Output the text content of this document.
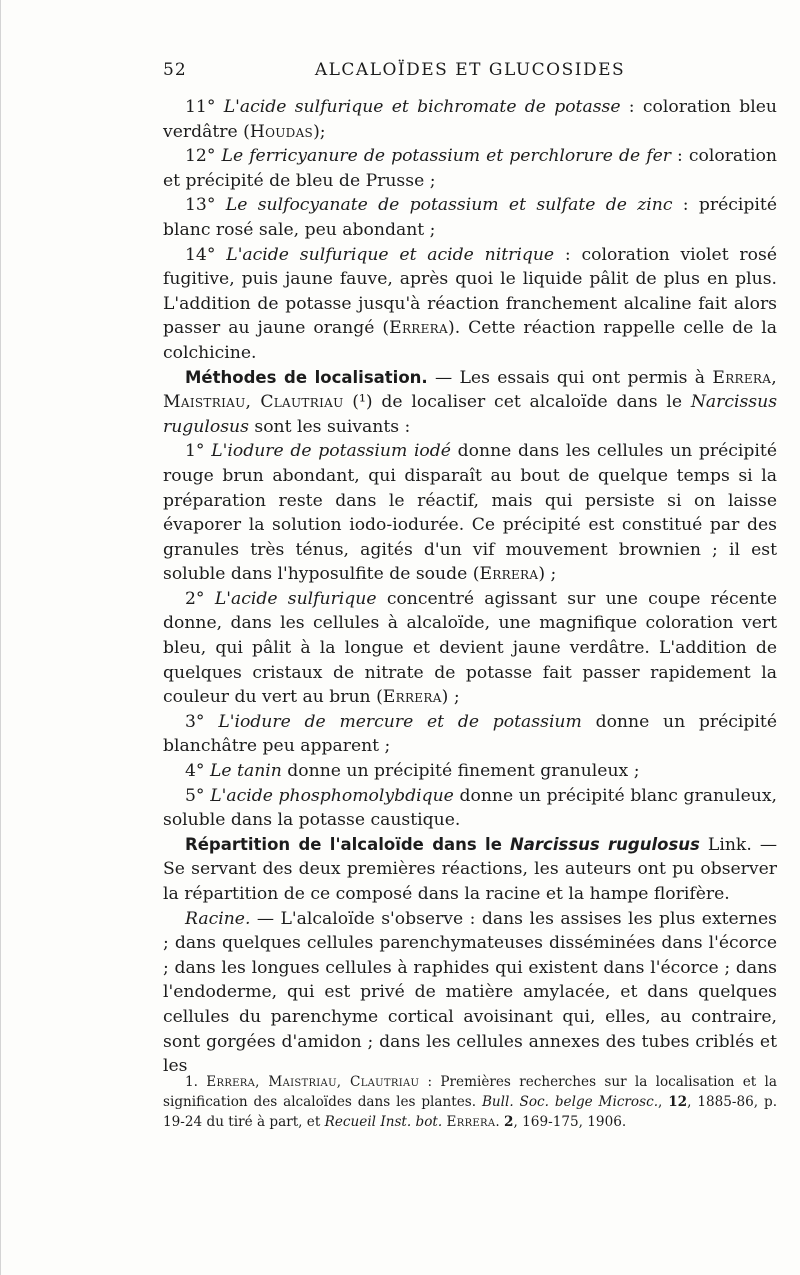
52	ALCALOÏDES ET GLUCOSIDES

11° L'acide sulfurique et bichromate de potasse : coloration bleu verdâtre (Houdas);

12° Le ferricyanure de potassium et perchlorure de fer : coloration et précipité de bleu de Prusse ;

13° Le sulfocyanate de potassium et sulfate de zinc : précipité blanc rosé sale, peu abondant ;

14° L'acide sulfurique et acide nitrique : coloration violet rosé fugitive, puis jaune fauve, après quoi le liquide pâlit de plus en plus. L'addition de potasse jusqu'à réaction franchement alcaline fait alors passer au jaune orangé (Errera). Cette réaction rappelle celle de la colchicine.

Méthodes de localisation. — Les essais qui ont permis à Errera, Maistriau, Clautriau (¹) de localiser cet alcaloïde dans le Narcissus rugulosus sont les suivants :

1° L'iodure de potassium iodé donne dans les cellules un précipité rouge brun abondant, qui disparaît au bout de quelque temps si la préparation reste dans le réactif, mais qui persiste si on laisse évaporer la solution iodo-iodurée. Ce précipité est constitué par des granules très ténus, agités d'un vif mouvement brownien ; il est soluble dans l'hyposulfite de soude (Errera) ;

2° L'acide sulfurique concentré agissant sur une coupe récente donne, dans les cellules à alcaloïde, une magnifique coloration vert bleu, qui pâlit à la longue et devient jaune verdâtre. L'addition de quelques cristaux de nitrate de potasse fait passer rapidement la couleur du vert au brun (Errera) ;

3° L'iodure de mercure et de potassium donne un précipité blanchâtre peu apparent ;

4° Le tanin donne un précipité finement granuleux ;

5° L'acide phosphomolybdique donne un précipité blanc granuleux, soluble dans la potasse caustique.

Répartition de l'alcaloïde dans le Narcissus rugulosus Link. — Se servant des deux premières réactions, les auteurs ont pu observer la répartition de ce composé dans la racine et la hampe florifère.

Racine. — L'alcaloïde s'observe : dans les assises les plus externes ; dans quelques cellules parenchymateuses disséminées dans l'écorce ; dans les longues cellules à raphides qui existent dans l'écorce ; dans l'endoderme, qui est privé de matière amylacée, et dans quelques cellules du parenchyme cortical avoisinant qui, elles, au contraire, sont gorgées d'amidon ; dans les cellules annexes des tubes criblés et les

1. Errera, Maistriau, Clautriau : Premières recherches sur la localisation et la signification des alcaloïdes dans les plantes. Bull. Soc. belge Microsc., 12, 1885-86, p. 19-24 du tiré à part, et Recueil Inst. bot. Errera. 2, 169-175, 1906.
